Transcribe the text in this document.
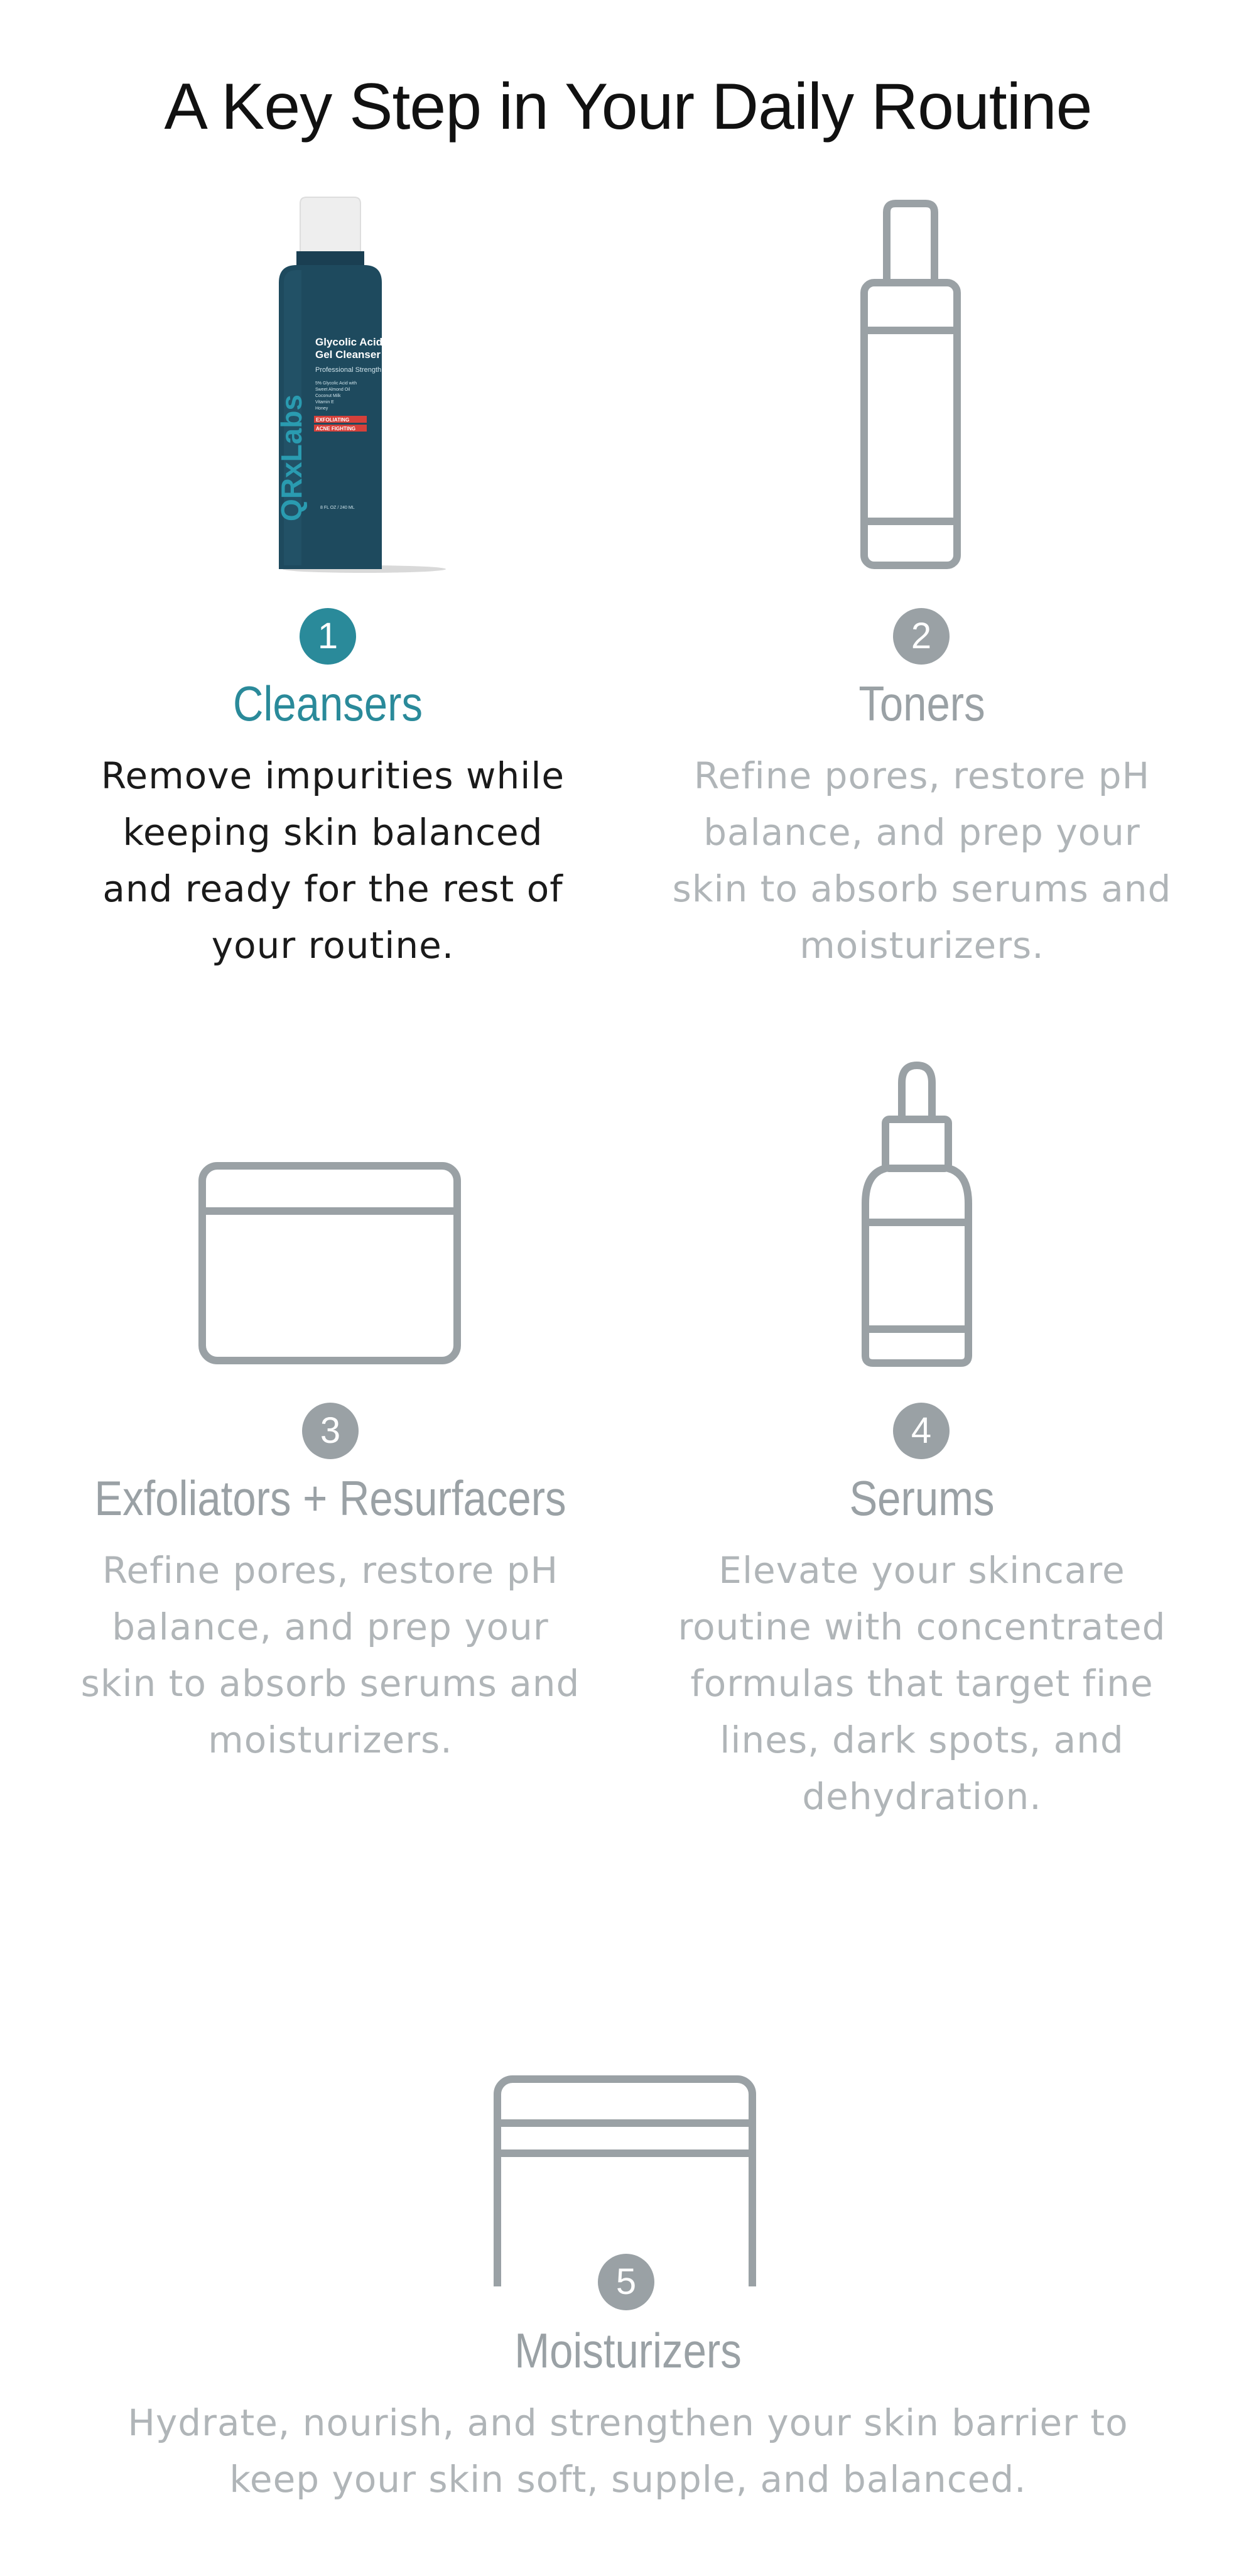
A Key Step in Your Daily Routine
QRxLabs
Glycolic Acid
Gel Cleanser
Professional Strength
5% Glycolic Acid with
Sweet Almond Oil
Coconut Milk
Vitamin E
Honey
EXFOLIATING
ACNE FIGHTING
8 FL OZ / 240 ML
1
Cleansers
Remove impurities while keeping skin balanced and ready for the rest of your routine.
2
Toners
Refine pores, restore pH balance, and prep your skin to absorb serums and moisturizers.
3
Exfoliators + Resurfacers
Refine pores, restore pH balance, and prep your skin to absorb serums and moisturizers.
4
Serums
Elevate your skincare routine with concentrated formulas that target fine lines, dark spots, and dehydration.
5
Moisturizers
Hydrate, nourish, and strengthen your skin barrier to keep your skin soft, supple, and balanced.
